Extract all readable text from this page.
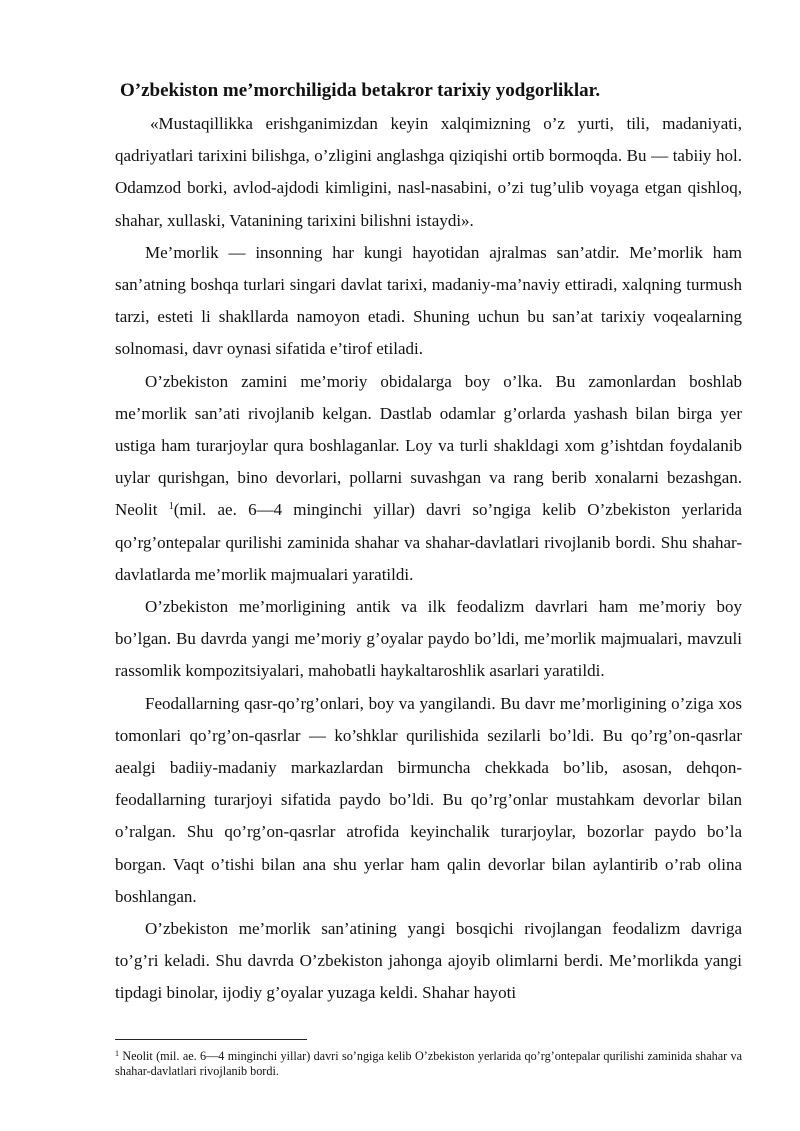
O’zbekiston me’morchiligida betakror tarixiy yodgorliklar.

«Mustaqillikka erishganimizdan keyin xalqimizning o’z yurti, tili, madaniyati, qadriyatlari tarixini bilishga, o’zligini anglashga qiziqishi ortib bormoqda. Bu — tabiiy hol. Odamzod borki, avlod-ajdodi kimligini, nasl-nasabini, o’zi tug’ulib voyaga etgan qishloq, shahar, xullaski, Vatanining tarixini bilishni istaydi».

Me’morlik — insonning har kungi hayotidan ajralmas san’atdir. Me’morlik ham san’atning boshqa turlari singari davlat tarixi, madaniy-ma’naviy ettiradi, xalqning turmush tarzi, esteti li shakllarda namoyon etadi. Shuning uchun bu san’at tarixiy voqealarning solnomasi, davr oynasi sifatida e’tirof etiladi.

O’zbekiston zamini me’moriy obidalarga boy o’lka. Bu zamonlardan boshlab me’morlik san’ati rivojlanib kelgan. Dastlab odamlar g’orlarda yashash bilan birga yer ustiga ham turarjoylar qura boshlaganlar. Loy va turli shakldagi xom g’ishtdan foydalanib uylar qurishgan, bino devorlari, pollarni suvashgan va rang berib xonalarni bezashgan. Neolit $^1$(mil. ae. 6—4 minginchi yillar) davri so’ngiga kelib O’zbekiston yerlarida qo’rg’ontepalar qurilishi zaminida shahar va shahar-davlatlari rivojlanib bordi. Shu shahar-davlatlarda me’morlik majmualari yaratildi.

O’zbekiston me’morligining antik va ilk feodalizm davrlari ham me’moriy boy bo’lgan. Bu davrda yangi me’moriy g’oyalar paydo bo’ldi, me’morlik majmualari, mavzuli rassomlik kompozitsiyalari, mahobatli haykaltaroshlik asarlari yaratildi.

Feodallarning qasr-qo’rg’onlari, boy va yangilandi. Bu davr me’morligining o’ziga xos tomonlari qo’rg’on-qasrlar — ko’shklar qurilishida sezilarli bo’ldi. Bu qo’rg’on-qasrlar aealgi badiiy-madaniy markazlardan birmuncha chekkada bo’lib, asosan, dehqon-feodallarning turarjoyi sifatida paydo bo’ldi. Bu qo’rg’onlar mustahkam devorlar bilan o’ralgan. Shu qo’rg’on-qasrlar atrofida keyinchalik turarjoylar, bozorlar paydo bo’la borgan. Vaqt o’tishi bilan ana shu yerlar ham qalin devorlar bilan aylantirib o’rab olina boshlangan.

O’zbekiston me’morlik san’atining yangi bosqichi rivojlangan feodalizm davriga to’g’ri keladi. Shu davrda O’zbekiston jahonga ajoyib olimlarni berdi. Me’morlikda yangi tipdagi binolar, ijodiy g’oyalar yuzaga keldi. Shahar hayoti

$^1$ Neolit (mil. ae. 6—4 minginchi yillar) davri so’ngiga kelib O’zbekiston yerlarida qo’rg’ontepalar qurilishi zaminida shahar va shahar-davlatlari rivojlanib bordi.
